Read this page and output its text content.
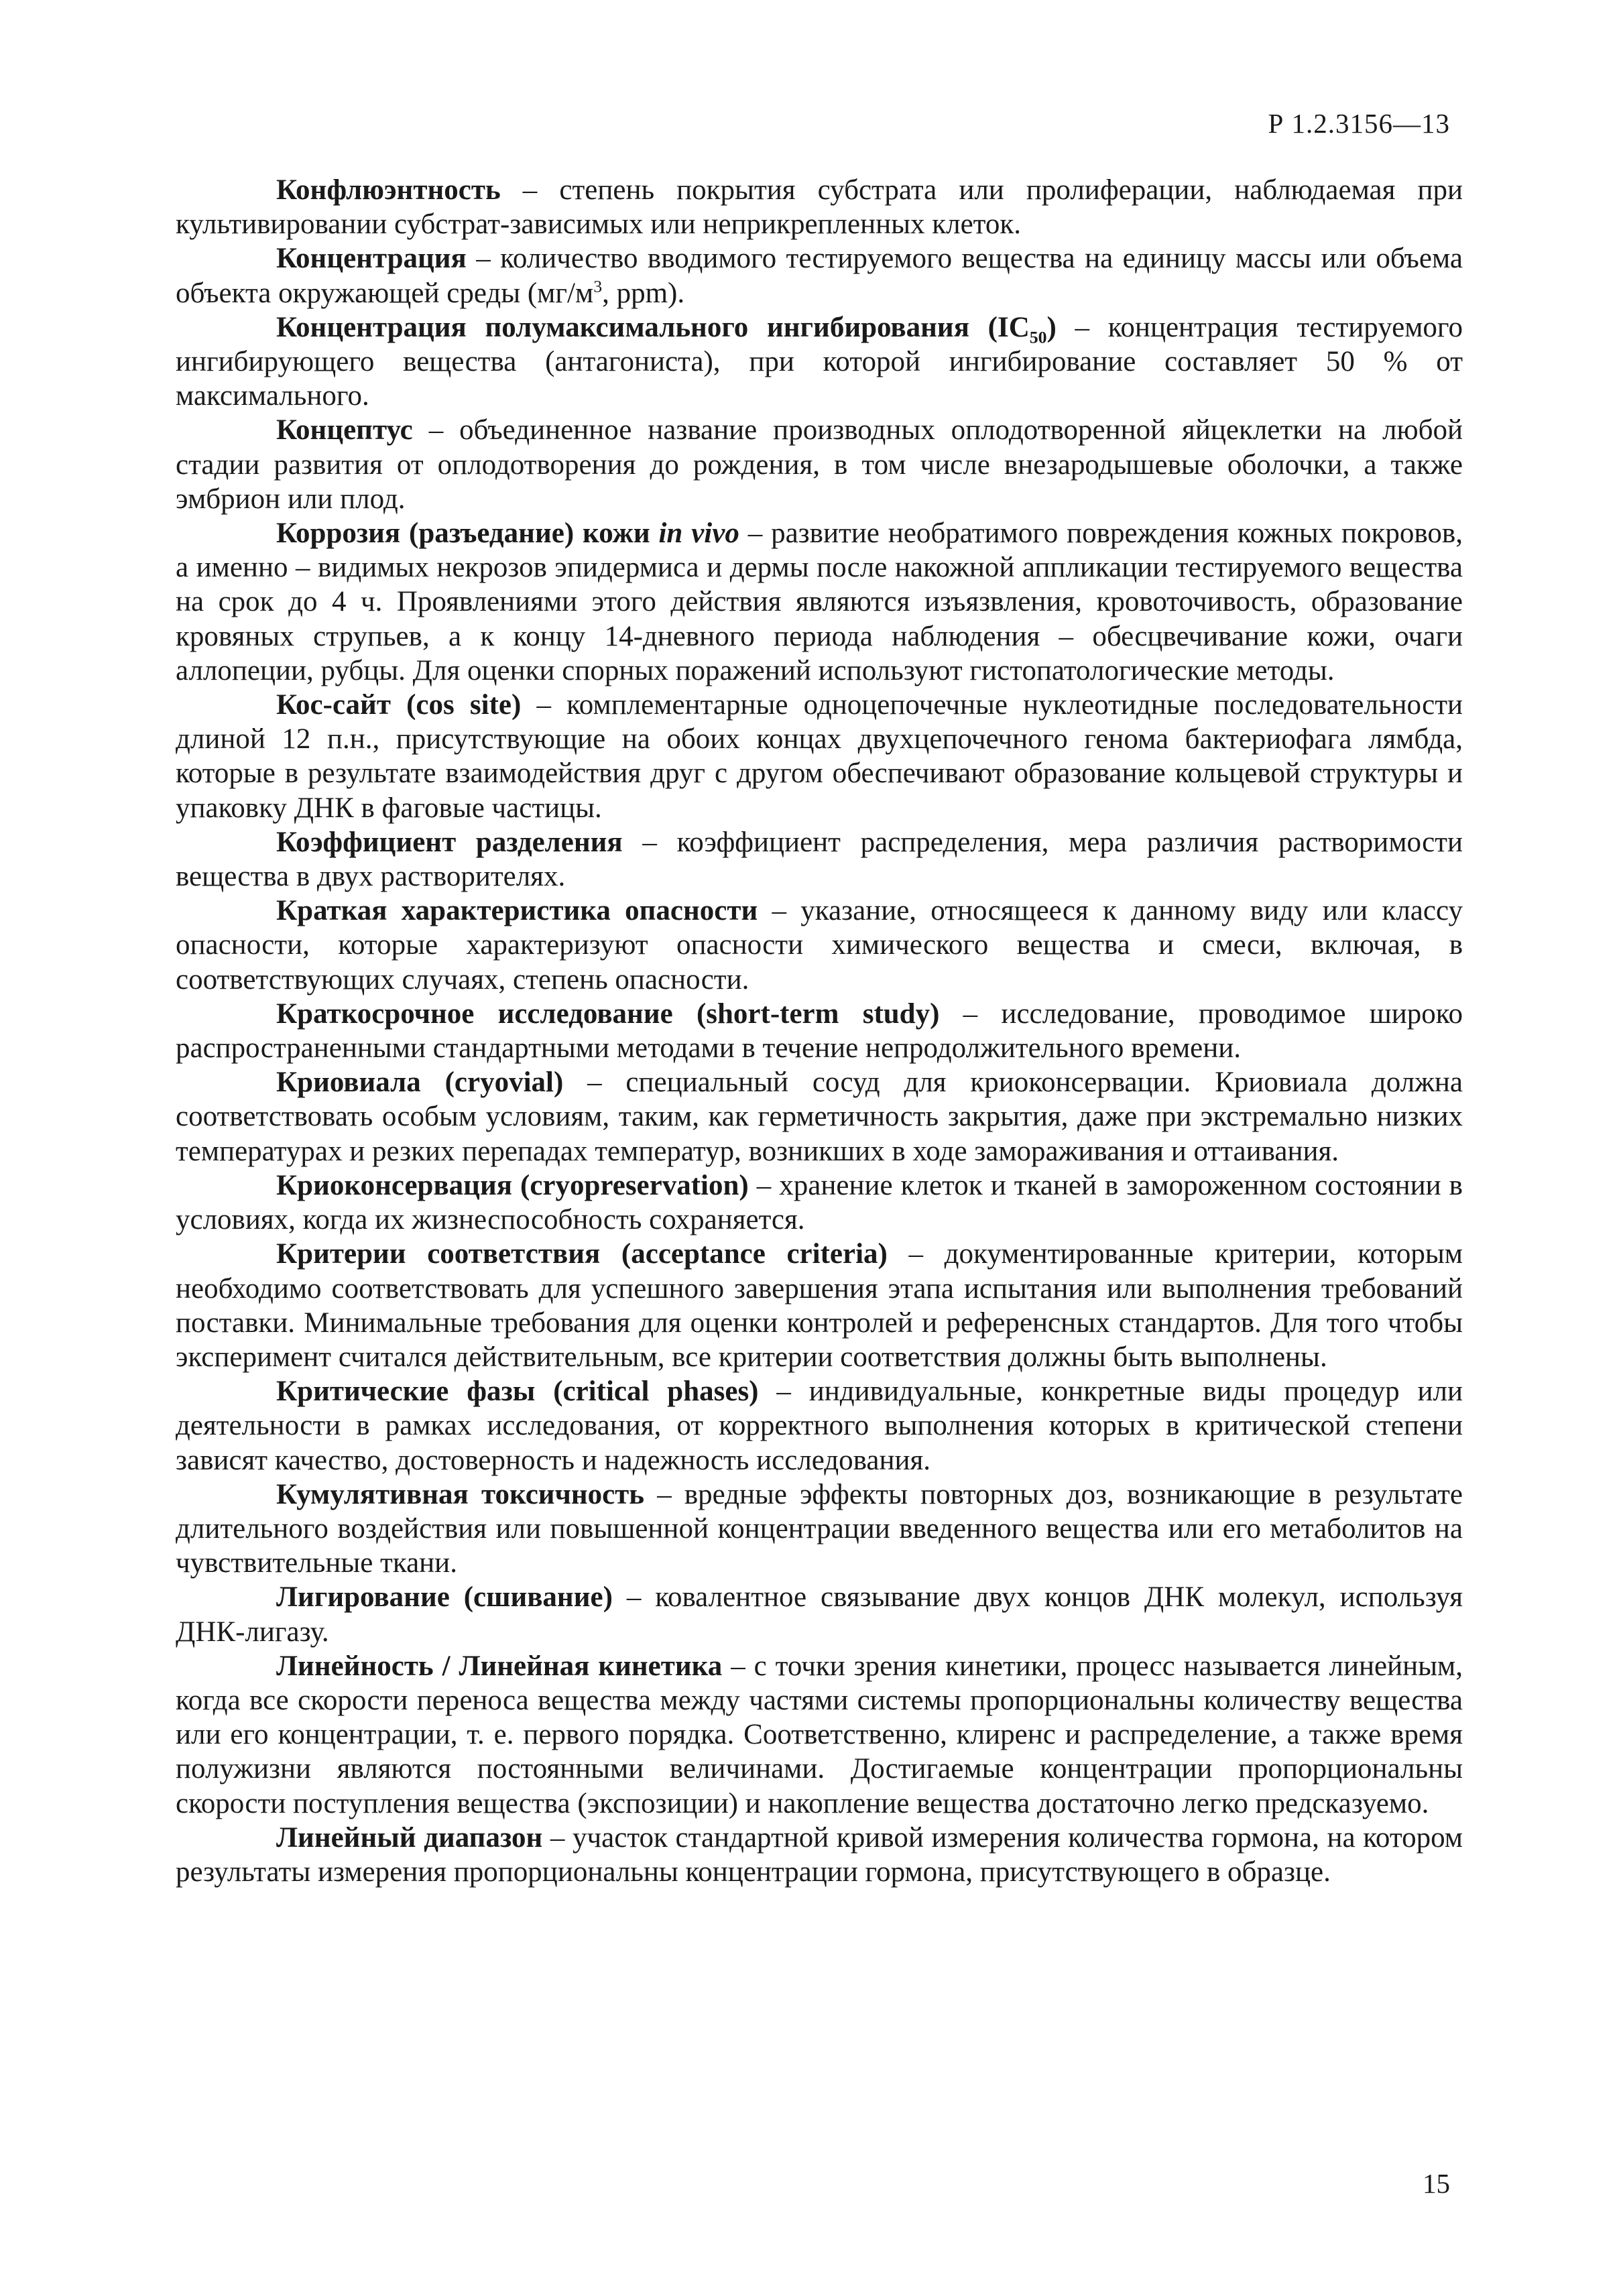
Р 1.2.3156—13

Конфлюэнтность – степень покрытия субстрата или пролиферации, наблюдаемая при культивировании субстрат-зависимых или неприкрепленных клеток.

Концентрация – количество вводимого тестируемого вещества на единицу массы или объема объекта окружающей среды ($мг/м^3$, ppm).

Концентрация полумаксимального ингибирования $(IC_{50})$ – концентрация тестируемого ингибирующего вещества (антагониста), при которой ингибирование составляет 50 % от максимального.

Концептус – объединенное название производных оплодотворенной яйцеклетки на любой стадии развития от оплодотворения до рождения, в том числе внезародышевые оболочки, а также эмбрион или плод.

Коррозия (разъедание) кожи in vivo – развитие необратимого повреждения кожных покровов, а именно – видимых некрозов эпидермиса и дермы после накожной аппликации тестируемого вещества на срок до 4 ч. Проявлениями этого действия являются изъязвления, кровоточивость, образование кровяных струпьев, а к концу 14-дневного периода наблюдения – обесцвечивание кожи, очаги аллопеции, рубцы. Для оценки спорных поражений используют гистопатологические методы.

Кос-сайт (cos site) – комплементарные одноцепочечные нуклеотидные последовательности длиной 12 п.н., присутствующие на обоих концах двухцепочечного генома бактериофага лямбда, которые в результате взаимодействия друг с другом обеспечивают образование кольцевой структуры и упаковку ДНК в фаговые частицы.

Коэффициент разделения – коэффициент распределения, мера различия растворимости вещества в двух растворителях.

Краткая характеристика опасности – указание, относящееся к данному виду или классу опасности, которые характеризуют опасности химического вещества и смеси, включая, в соответствующих случаях, степень опасности.

Краткосрочное исследование (short-term study) – исследование, проводимое широко распространенными стандартными методами в течение непродолжительного времени.

Криовиала (cryovial) – специальный сосуд для криоконсервации. Криовиала должна соответствовать особым условиям, таким, как герметичность закрытия, даже при экстремально низких температурах и резких перепадах температур, возникших в ходе замораживания и оттаивания.

Криоконсервация (cryopreservation) – хранение клеток и тканей в замороженном состоянии в условиях, когда их жизнеспособность сохраняется.

Критерии соответствия (acceptance criteria) – документированные критерии, которым необходимо соответствовать для успешного завершения этапа испытания или выполнения требований поставки. Минимальные требования для оценки контролей и референсных стандартов. Для того чтобы эксперимент считался действительным, все критерии соответствия должны быть выполнены.

Критические фазы (critical phases) – индивидуальные, конкретные виды процедур или деятельности в рамках исследования, от корректного выполнения которых в критической степени зависят качество, достоверность и надежность исследования.

Кумулятивная токсичность – вредные эффекты повторных доз, возникающие в результате длительного воздействия или повышенной концентрации введенного вещества или его метаболитов на чувствительные ткани.

Лигирование (сшивание) – ковалентное связывание двух концов ДНК молекул, используя ДНК-лигазу.

Линейность / Линейная кинетика – с точки зрения кинетики, процесс называется линейным, когда все скорости переноса вещества между частями системы пропорциональны количеству вещества или его концентрации, т. е. первого порядка. Соответственно, клиренс и распределение, а также время полужизни являются постоянными величинами. Достигаемые концентрации пропорциональны скорости поступления вещества (экспозиции) и накопление вещества достаточно легко предсказуемо.

Линейный диапазон – участок стандартной кривой измерения количества гормона, на котором результаты измерения пропорциональны концентрации гормона, присутствующего в образце.

15
